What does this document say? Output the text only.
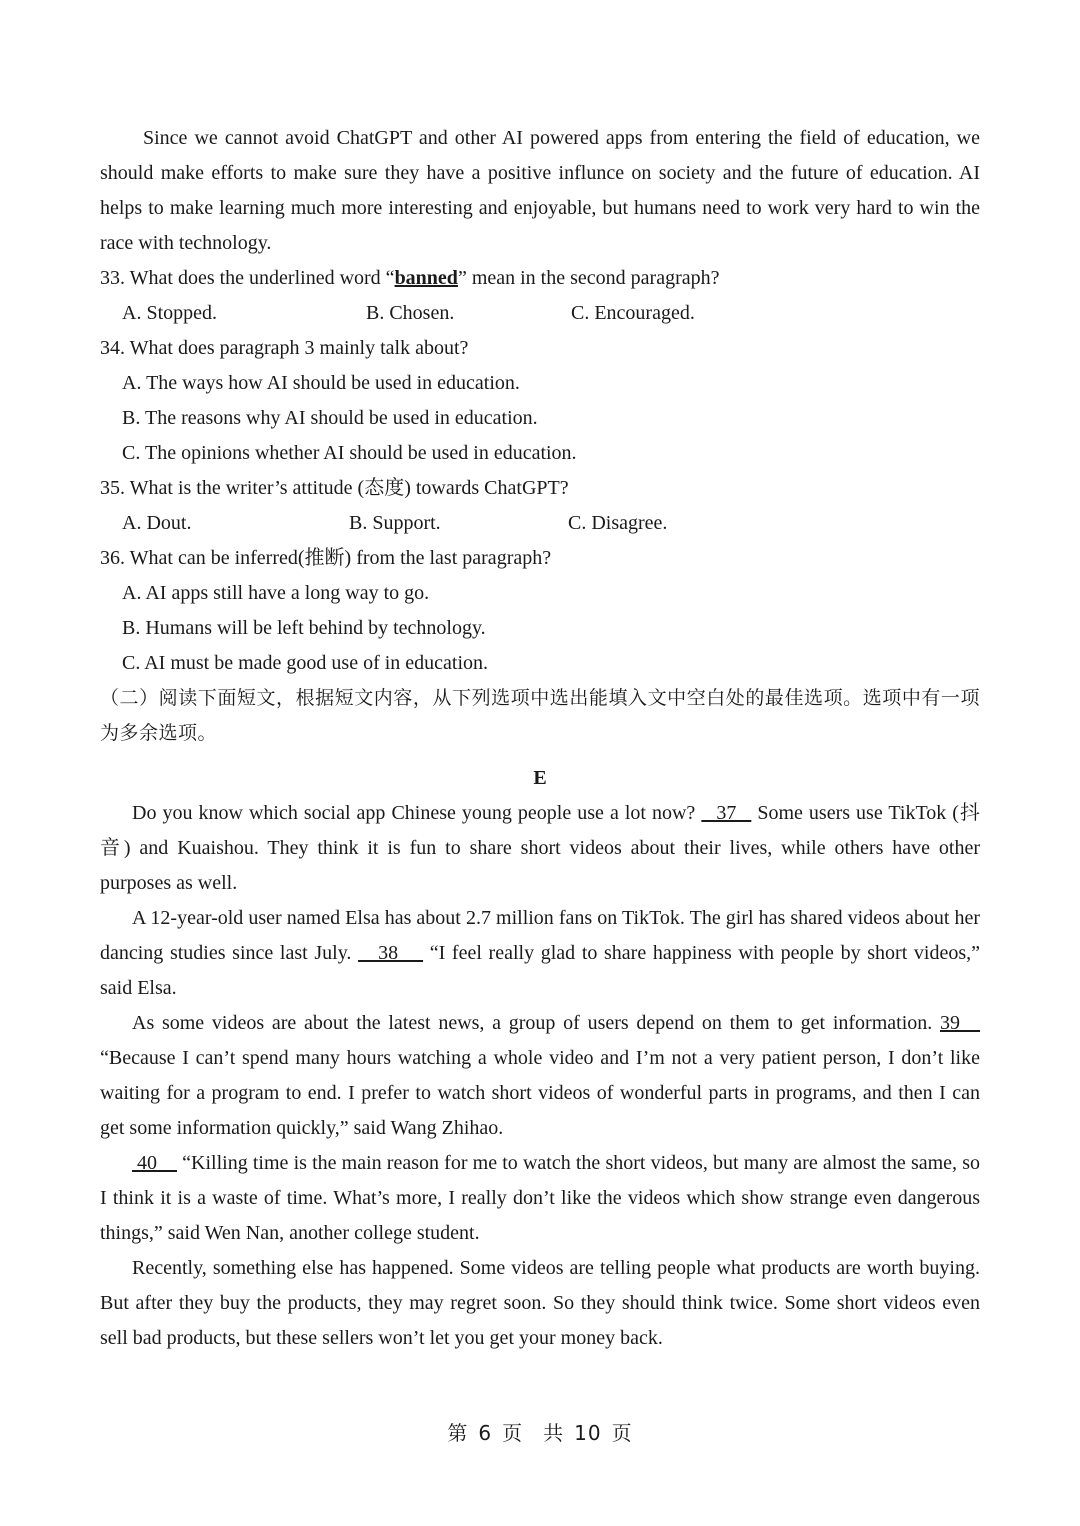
Since we cannot avoid ChatGPT and other AI powered apps from entering the field of education, we should make efforts to make sure they have a positive influnce on society and the future of education. AI helps to make learning much more interesting and enjoyable, but humans need to work very hard to win the race with technology.
33. What does the underlined word “banned” mean in the second paragraph?
A. Stopped.	B. Chosen.	C. Encouraged.
34. What does paragraph 3 mainly talk about?
A. The ways how AI should be used in education.
B. The reasons why AI should be used in education.
C. The opinions whether AI should be used in education.
35. What is the writer’s attitude (态度) towards ChatGPT?
A. Dout.	B. Support.	C. Disagree.
36. What can be inferred(推断) from the last paragraph?
A. AI apps still have a long way to go.
B. Humans will be left behind by technology.
C. AI must be made good use of in education.
（二）阅读下面短文，根据短文内容，从下列选项中选出能填入文中空白处的最佳选项。选项中有一项为多余选项。
E
Do you know which social app Chinese young people use a lot now?    37    Some users use TikTok (抖音) and Kuaishou. They think it is fun to share short videos about their lives, while others have other purposes as well.
A 12-year-old user named Elsa has about 2.7 million fans on TikTok. The girl has shared videos about her dancing studies since last July.     38      “I feel really glad to share happiness with people by short videos,” said Elsa.
As some videos are about the latest news, a group of users depend on them to get information. 39     “Because I can’t spend many hours watching a whole video and I’m not a very patient person, I don’t like waiting for a program to end. I prefer to watch short videos of wonderful parts in programs, and then I can get some information quickly,” said Wang Zhihao.
40     “Killing time is the main reason for me to watch the short videos, but many are almost the same, so I think it is a waste of time. What’s more, I really don’t like the videos which show strange even dangerous things,” said Wen Nan, another college student.
Recently, something else has happened. Some videos are telling people what products are worth buying. But after they buy the products, they may regret soon. So they should think twice. Some short videos even sell bad products, but these sellers won’t let you get your money back.
第 6 页 共 10 页
